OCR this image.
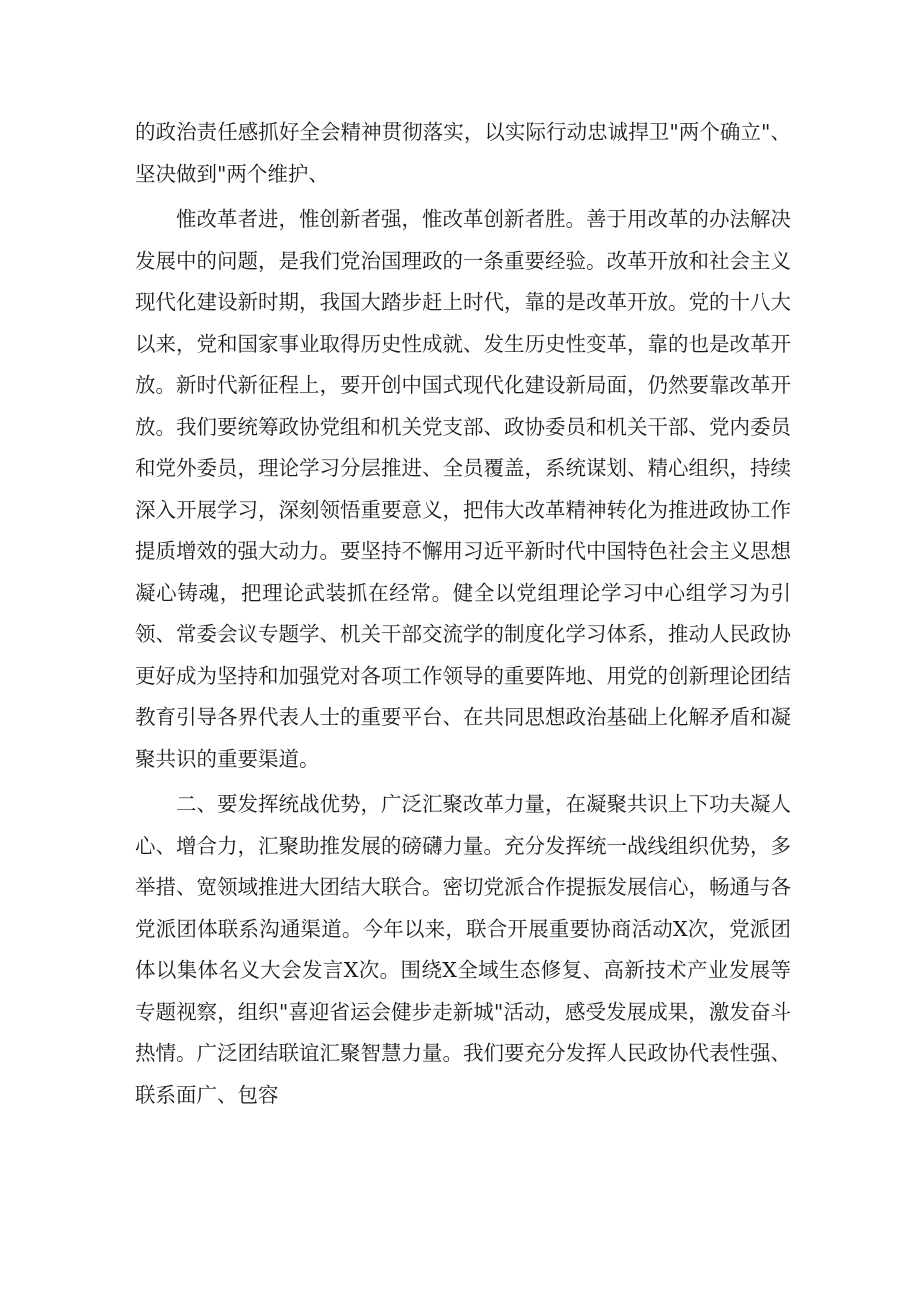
的政治责任感抓好全会精神贯彻落实，以实际行动忠诚捍卫"两个确立"、坚决做到"两个维护、

惟改革者进，惟创新者强，惟改革创新者胜。善于用改革的办法解决发展中的问题，是我们党治国理政的一条重要经验。改革开放和社会主义现代化建设新时期，我国大踏步赶上时代，靠的是改革开放。党的十八大以来，党和国家事业取得历史性成就、发生历史性变革，靠的也是改革开放。新时代新征程上，要开创中国式现代化建设新局面，仍然要靠改革开放。我们要统筹政协党组和机关党支部、政协委员和机关干部、党内委员和党外委员，理论学习分层推进、全员覆盖，系统谋划、精心组织，持续深入开展学习，深刻领悟重要意义，把伟大改革精神转化为推进政协工作提质增效的强大动力。要坚持不懈用习近平新时代中国特色社会主义思想凝心铸魂，把理论武装抓在经常。健全以党组理论学习中心组学习为引领、常委会议专题学、机关干部交流学的制度化学习体系，推动人民政协更好成为坚持和加强党对各项工作领导的重要阵地、用党的创新理论团结教育引导各界代表人士的重要平台、在共同思想政治基础上化解矛盾和凝聚共识的重要渠道。

二、要发挥统战优势，广泛汇聚改革力量，在凝聚共识上下功夫凝人心、增合力，汇聚助推发展的磅礴力量。充分发挥统一战线组织优势，多举措、宽领域推进大团结大联合。密切党派合作提振发展信心，畅通与各党派团体联系沟通渠道。今年以来，联合开展重要协商活动X次，党派团体以集体名义大会发言X次。围绕X全域生态修复、高新技术产业发展等专题视察，组织"喜迎省运会健步走新城"活动，感受发展成果，激发奋斗热情。广泛团结联谊汇聚智慧力量。我们要充分发挥人民政协代表性强、联系面广、包容
